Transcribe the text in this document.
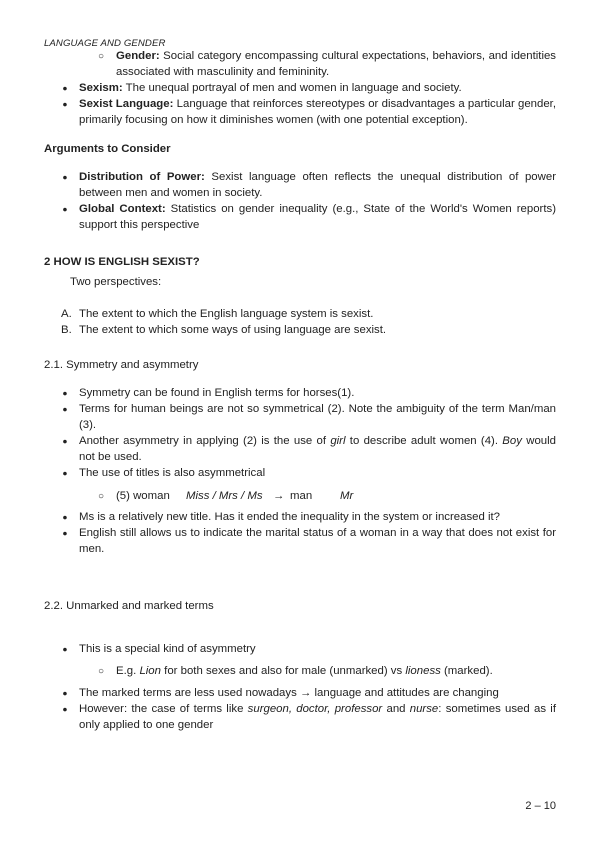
LANGUAGE AND GENDER
○
Gender: Social category encompassing cultural expectations, behaviors, and identities associated with masculinity and femininity.
●
Sexism: The unequal portrayal of men and women in language and society.
●
Sexist Language: Language that reinforces stereotypes or disadvantages a particular gender, primarily focusing on how it diminishes women (with one potential exception).
Arguments to Consider
●
Distribution of Power: Sexist language often reflects the unequal distribution of power between men and women in society.
●
Global Context: Statistics on gender inequality (e.g., State of the World's Women reports) support this perspective
2 HOW IS ENGLISH SEXIST?
Two perspectives:
A. The extent to which the English language system is sexist.
B. The extent to which some ways of using language are sexist.
2.1. Symmetry and asymmetry
●
Symmetry can be found in English terms for horses(1).
●
Terms for human beings are not so symmetrical (2). Note the ambiguity of the term Man/man (3).
●
Another asymmetry in applying (2) is the use of girl to describe adult women (4). Boy would not be used.
●
The use of titles is also asymmetrical
○
(5) woman Miss / Mrs / Ms → man Mr
●
Ms is a relatively new title. Has it ended the inequality in the system or increased it?
●
English still allows us to indicate the marital status of a woman in a way that does not exist for men.
2.2. Unmarked and marked terms
●
This is a special kind of asymmetry
○
E.g. Lion for both sexes and also for male (unmarked) vs lioness (marked).
●
The marked terms are less used nowadays → language and attitudes are changing
●
However: the case of terms like surgeon, doctor, professor and nurse: sometimes used as if only applied to one gender
2 – 10
